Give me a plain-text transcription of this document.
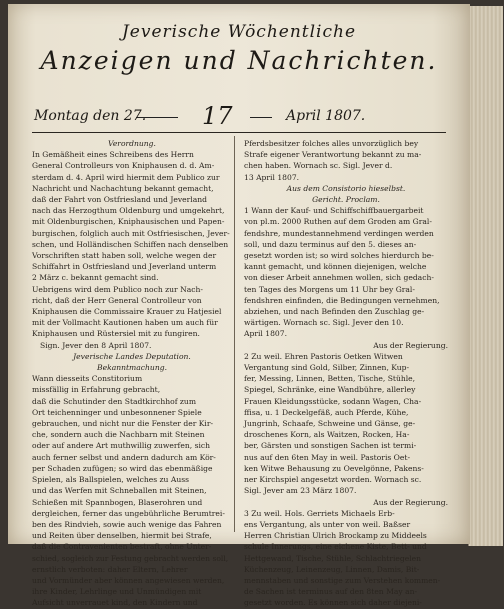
Jeverische Wöchentliche
Anzeigen und Nachrichten.
Montag den 27. 17	April 1807.
Verordnung.
In Gemäßheit eines Schreibens des Herrn
General Controlleurs von Kniphausen d. d. Am-
sterdam d. 4. April wird hiermit dem Publico zur
Nachricht und Nachachtung bekannt gemacht,
daß der Fahrt von Ostfriesland und Jeverland
nach das Herzogthum Oldenburg und umgekehrt,
mit Oldenburgischen, Kniphausischen und Papen-
burgischen, folglich auch mit Ostfriesischen, Jever-
schen, und Holländischen Schiffen nach denselben
Vorschriften statt haben soll, welche wegen der
Schiffahrt in Ostfriesland und Jeverland unterm
2 März c. bekannt gemacht sind.
Uebrigens wird dem Publico noch zur Nach-
richt, daß der Herr General Controlleur von
Kniphausen die Commissaire Krauer zu Hatjesiel
mit der Vollmacht Kautionen haben um auch für
Kniphausen und Rüstersiel mit zu fungiren.
Sign. Jever den 8 April 1807.
Jeverische Landes Deputation.
Bekanntmachung.
Wann diesseits Constitorium
missfällig in Erfahrung gebracht,
daß die Schutinder den Stadtkirchhof zum
Ort teichenninger und unbesonnener Spiele
gebrauchen, und nicht nur die Fenster der Kir-
che, sondern auch die Nachbarn mit Steinen
oder auf andere Art muthwillig zuwerfen, sich
auch ferner selbst und andern dadurch am Kör-
per Schaden zufügen; so wird das ebenmäßige
Spielen, als Ballspielen, welches zu Auss
und das Werfen mit Schneballen mit Steinen,
Schießen mit Spannbogen, Blaserohren und
dergleichen, ferner das ungebührliche Berumtrei-
ben des Rindvieh, sowie auch wenige das Fahren
und Reiten über denselben, hiermit bei Strafe,
daß die Contravenienten bestraft, ohne Unter-
schied, sogleich zur Festung gebracht werden soll,
ernstlich verboten: daher Eltern, Lehrer
und Vormünder aber können angewiesen werden,
ihre Kinder, Lehrlinge und Unmündigen mit
Aufsicht unverrauet kind, den Kindern und
Pferdsbesitzer folches alles unvorzüglich bey
Strafe eigener Verantwortung bekannt zu ma-
chen haben. Wornach sc. Sigl. Jever d.
13 April 1807.
Aus dem Consistorio hieselbst.
Gericht. Proclam.
1 Wann der Kauf- und Schiffschiffbauergarbeit
von pl.m. 2000 Ruthen auf dem Groden am Gral-
fendshre, mundestannehmend verdingen werden
soll, und dazu terminus auf den 5. dieses an-
gesetzt worden ist; so wird solches hierdurch be-
kannt gemacht, und können diejenigen, welche
von dieser Arbeit annehmen wollen, sich gedach-
ten Tages des Morgens um 11 Uhr bey Gral-
fendshren einfinden, die Bedingungen vernehmen,
abziehen, und nach Befinden den Zuschlag ge-
wärtigen. Wornach sc. Sigl. Jever den 10.
April 1807.
Aus der Regierung.
2 Zu weil. Ehren Pastoris Oetken Witwen
Vergantung sind Gold, Silber, Zinnen, Kup-
fer, Messing, Linnen, Betten, Tische, Stühle,
Spiegel, Schränke, eine Wandbühre, allerley
Frauen Kleidungsstücke, sodann Wagen, Cha-
ffisa, u. 1 Deckelgefäß, auch Pferde, Kühe,
Jungrinh, Schaafe, Schweine und Gänse, ge-
droschenes Korn, als Waitzen, Rocken, Ha-
ber, Gärsten und sonstigen Sachen ist termi-
nus auf den 6ten May in weil. Pastoris Oet-
ken Witwe Behausung zu Oevelgönne, Pakens-
ner Kirchspiel angesetzt worden. Wornach sc.
Sigl. Jever am 23 März 1807.
Aus der Regierung.
3 Zu weil. Hols. Gerriets Michaels Erb-
ens Vergantung, als unter von weil. Baßser
Herren Christian Ulrich Brockamp zu Middeels
schule Innerungs, eine eichene Kiste, Bett- und
Hettgewand, Tische, Stühle, Schlachtriegelen
Küchenzeug, Leinenzeug, Linnen, Damis, Bit-
mennstaben und sonstige zum Verstehen kommen-
de Sachen ist terminus auf den 8ten May an-
gesetzt worden. Es können sich daher diejeni-
